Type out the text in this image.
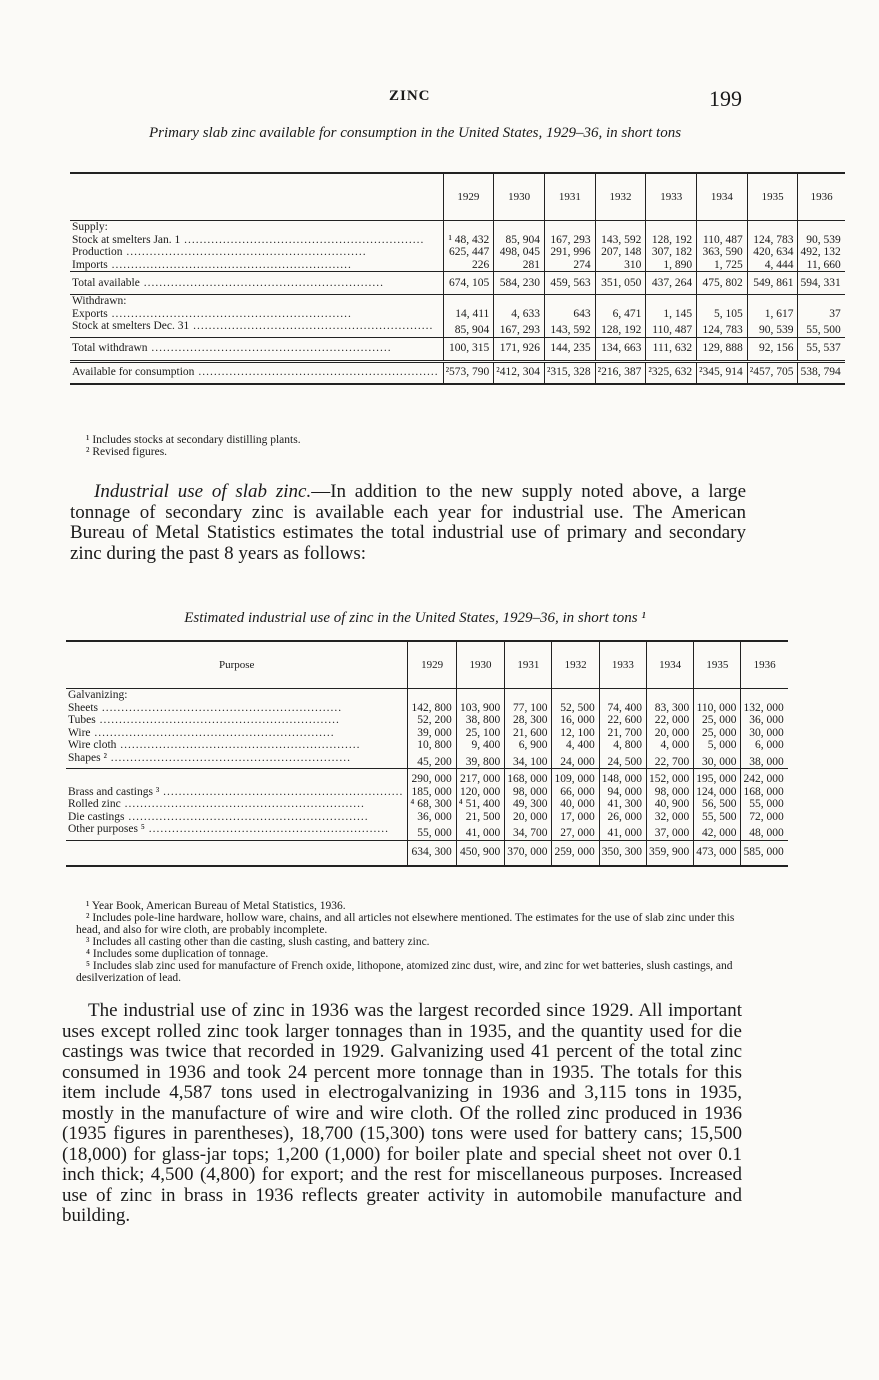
ZINC	199
Primary slab zinc available for consumption in the United States, 1929–36, in short tons
	1929	1930	1931	1932	1933	1934	1935	1936
Supply:								

Stock at smelters Jan. 1 .....	¹ 48, 432	85, 904	167, 293	143, 592	128, 192	110, 487	124, 783	90, 539

Production .....	625, 447	498, 045	291, 996	207, 148	307, 182	363, 590	420, 634	492, 132

Imports .....	226	281	274	310	1, 890	1, 725	4, 444	11, 660

Total available .....	674, 105	584, 230	459, 563	351, 050	437, 264	475, 802	549, 861	594, 331
Withdrawn:								

Exports .....	14, 411	4, 633	643	6, 471	1, 145	5, 105	1, 617	37

Stock at smelters Dec. 31 .....	85, 904	167, 293	143, 592	128, 192	110, 487	124, 783	90, 539	55, 500

Total withdrawn .....	100, 315	171, 926	144, 235	134, 663	111, 632	129, 888	92, 156	55, 537

Available for consumption .....	²573, 790	²412, 304	²315, 328	²216, 387	²325, 632	²345, 914	²457, 705	538, 794
¹ Includes stocks at secondary distilling plants.
² Revised figures.
Industrial use of slab zinc.—In addition to the new supply noted above, a large tonnage of secondary zinc is available each year for industrial use. The American Bureau of Metal Statistics estimates the total industrial use of primary and secondary zinc during the past 8 years as follows:
Estimated industrial use of zinc in the United States, 1929–36, in short tons ¹
Purpose	1929	1930	1931	1932	1933	1934	1935	1936
Galvanizing:								

Sheets .....	142, 800	103, 900	77, 100	52, 500	74, 400	83, 300	110, 000	132, 000

Tubes .....	52, 200	38, 800	28, 300	16, 000	22, 600	22, 000	25, 000	36, 000

Wire .....	39, 000	25, 100	21, 600	12, 100	21, 700	20, 000	25, 000	30, 000

Wire cloth .....	10, 800	9, 400	6, 900	4, 400	4, 800	4, 000	5, 000	6, 000

Shapes ² .....	45, 200	39, 800	34, 100	24, 000	24, 500	22, 700	30, 000	38, 000
	290, 000	217, 000	168, 000	109, 000	148, 000	152, 000	195, 000	242, 000

Brass and castings ³ .....	185, 000	120, 000	98, 000	66, 000	94, 000	98, 000	124, 000	168, 000

Rolled zinc .....	⁴ 68, 300	⁴ 51, 400	49, 300	40, 000	41, 300	40, 900	56, 500	55, 000

Die castings .....	36, 000	21, 500	20, 000	17, 000	26, 000	32, 000	55, 500	72, 000

Other purposes ⁵ .....	55, 000	41, 000	34, 700	27, 000	41, 000	37, 000	42, 000	48, 000
	634, 300	450, 900	370, 000	259, 000	350, 300	359, 900	473, 000	585, 000
¹ Year Book, American Bureau of Metal Statistics, 1936.
² Includes pole-line hardware, hollow ware, chains, and all articles not elsewhere mentioned. The estimates for the use of slab zinc under this head, and also for wire cloth, are probably incomplete.
³ Includes all casting other than die casting, slush casting, and battery zinc.
⁴ Includes some duplication of tonnage.
⁵ Includes slab zinc used for manufacture of French oxide, lithopone, atomized zinc dust, wire, and zinc for wet batteries, slush castings, and desilverization of lead.
The industrial use of zinc in 1936 was the largest recorded since 1929. All important uses except rolled zinc took larger tonnages than in 1935, and the quantity used for die castings was twice that recorded in 1929. Galvanizing used 41 percent of the total zinc consumed in 1936 and took 24 percent more tonnage than in 1935. The totals for this item include 4,587 tons used in electrogalvanizing in 1936 and 3,115 tons in 1935, mostly in the manufacture of wire and wire cloth. Of the rolled zinc produced in 1936 (1935 figures in parentheses), 18,700 (15,300) tons were used for battery cans; 15,500 (18,000) for glass-jar tops; 1,200 (1,000) for boiler plate and special sheet not over 0.1 inch thick; 4,500 (4,800) for export; and the rest for miscellaneous purposes. Increased use of zinc in brass in 1936 reflects greater activity in automobile manufacture and building.
